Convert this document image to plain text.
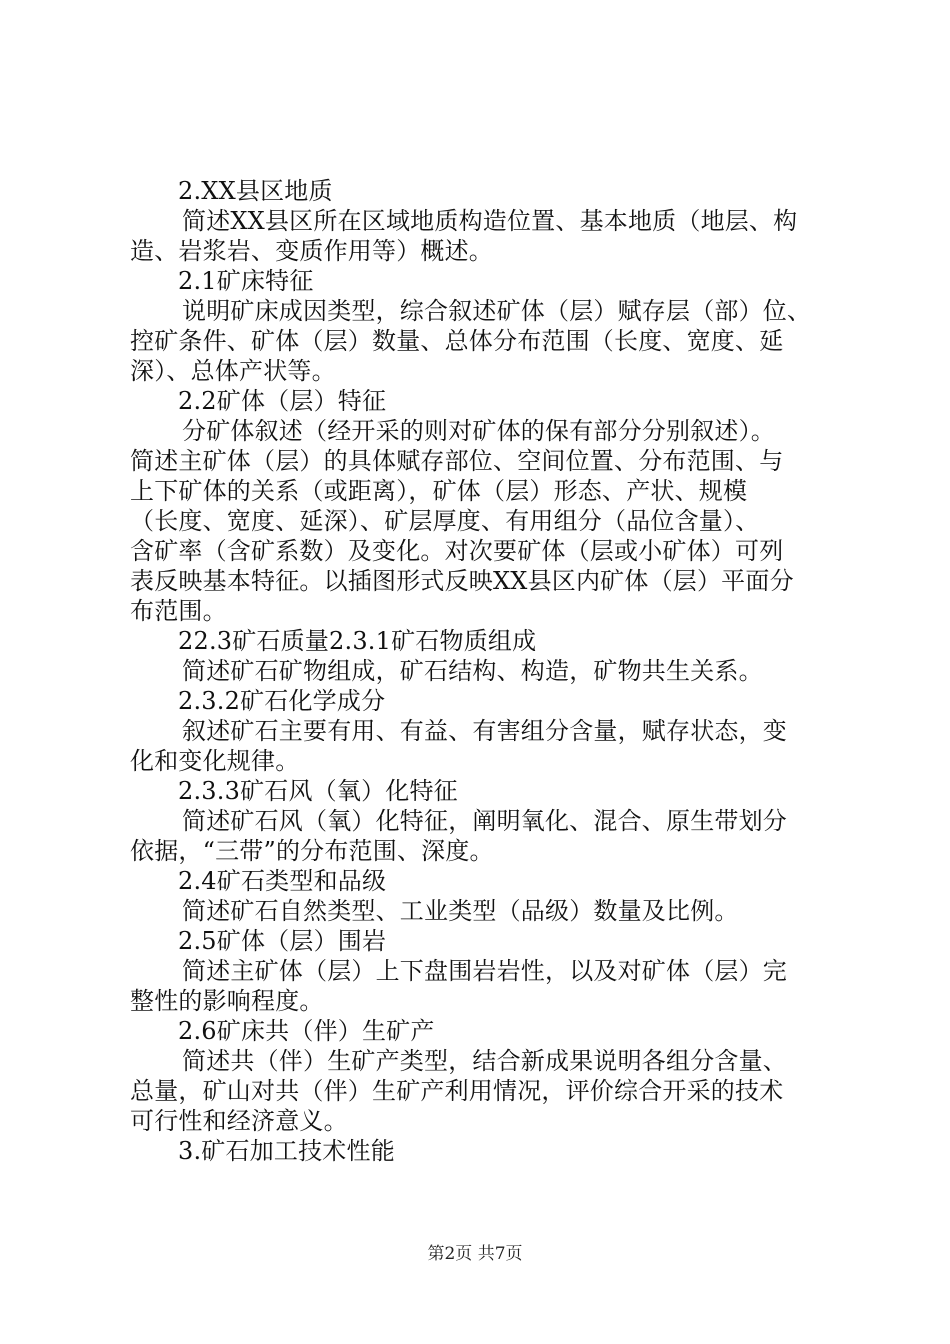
2.XX县区地质
简述XX县区所在区域地质构造位置、基本地质（地层、构
造、岩浆岩、变质作用等）概述。
2.1矿床特征
说明矿床成因类型，综合叙述矿体（层）赋存层（部）位、
控矿条件、矿体（层）数量、总体分布范围（长度、宽度、延
深）、总体产状等。
2.2矿体（层）特征
分矿体叙述（经开采的则对矿体的保有部分分别叙述）。
简述主矿体（层）的具体赋存部位、空间位置、分布范围、与
上下矿体的关系（或距离），矿体（层）形态、产状、规模
（长度、宽度、延深）、矿层厚度、有用组分（品位含量）、
含矿率（含矿系数）及变化。对次要矿体（层或小矿体）可列
表反映基本特征。以插图形式反映XX县区内矿体（层）平面分
布范围。
22.3矿石质量2.3.1矿石物质组成
简述矿石矿物组成，矿石结构、构造，矿物共生关系。
2.3.2矿石化学成分
叙述矿石主要有用、有益、有害组分含量，赋存状态，变
化和变化规律。
2.3.3矿石风（氧）化特征
简述矿石风（氧）化特征，阐明氧化、混合、原生带划分
依据，“三带”的分布范围、深度。
2.4矿石类型和品级
简述矿石自然类型、工业类型（品级）数量及比例。
2.5矿体（层）围岩
简述主矿体（层）上下盘围岩岩性，以及对矿体（层）完
整性的影响程度。
2.6矿床共（伴）生矿产
简述共（伴）生矿产类型，结合新成果说明各组分含量、
总量，矿山对共（伴）生矿产利用情况，评价综合开采的技术
可行性和经济意义。
3.矿石加工技术性能
第2页 共7页
